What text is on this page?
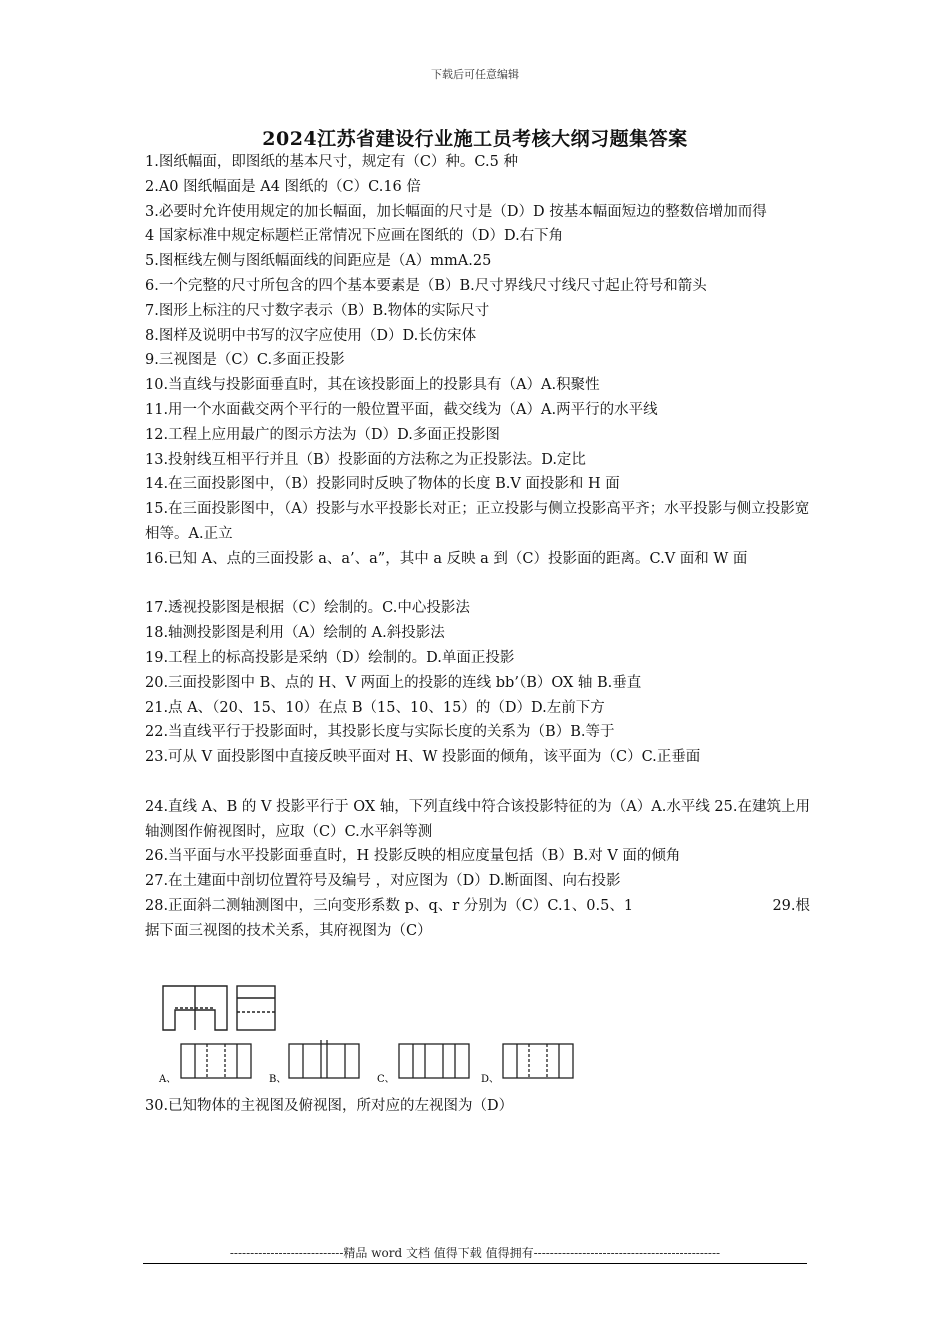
下载后可任意编辑
2024江苏省建设行业施工员考核大纲习题集答案
1.图纸幅面，即图纸的基本尺寸，规定有（C）种。C.5 种
2.A0 图纸幅面是 A4 图纸的（C）C.16 倍
3.必要时允许使用规定的加长幅面，加长幅面的尺寸是（D）D 按基本幅面短边的整数倍增加而得
4 国家标准中规定标题栏正常情况下应画在图纸的（D）D.右下角
5.图框线左侧与图纸幅面线的间距应是（A）mmA.25
6.一个完整的尺寸所包含的四个基本要素是（B）B.尺寸界线尺寸线尺寸起止符号和箭头
7.图形上标注的尺寸数字表示（B）B.物体的实际尺寸
8.图样及说明中书写的汉字应使用（D）D.长仿宋体
9.三视图是（C）C.多面正投影
10.当直线与投影面垂直时，其在该投影面上的投影具有（A）A.积聚性
11.用一个水面截交两个平行的一般位置平面，截交线为（A）A.两平行的水平线
12.工程上应用最广的图示方法为（D）D.多面正投影图
13.投射线互相平行并且（B）投影面的方法称之为正投影法。D.定比
14.在三面投影图中，（B）投影同时反映了物体的长度 B.V 面投影和 H 面
15.在三面投影图中，（A）投影与水平投影长对正；正立投影与侧立投影高平齐；水平投影与侧立投影宽相等。A.正立
16.已知 A、点的三面投影 a、a’、a”，其中 a 反映 a 到（C）投影面的距离。C.V 面和 W 面
17.透视投影图是根据（C）绘制的。C.中心投影法
18.轴测投影图是利用（A）绘制的 A.斜投影法
19.工程上的标高投影是采纳（D）绘制的。D.单面正投影
20.三面投影图中 B、点的 H、V 两面上的投影的连线 bb’（B）OX 轴 B.垂直
21.点 A、（20、15、10）在点 B（15、10、15）的（D）D.左前下方
22.当直线平行于投影面时，其投影长度与实际长度的关系为（B）B.等于
23.可从 V 面投影图中直接反映平面对 H、W 投影面的倾角，该平面为（C）C.正垂面
24.直线 A、B 的 V 投影平行于 OX 轴，下列直线中符合该投影特征的为（A）A.水平线 25.在建筑上用轴测图作俯视图时，应取（C）C.水平斜等测
26.当平面与水平投影面垂直时，H 投影反映的相应度量包括（B）B.对 V 面的倾角
27.在土建面中剖切位置符号及编号 ，对应图为（D）D.断面图、向右投影
28.正面斜二测轴测图中，三向变形系数 p、q、r 分别为（C）C.1、0.5、1	29.根
据下面三视图的技术关系，其府视图为（C）
A、	B、	C、	D、
30.已知物体的主视图及俯视图，所对应的左视图为（D）
----------------------------精品 word 文档 值得下载 值得拥有----------------------------------------------
